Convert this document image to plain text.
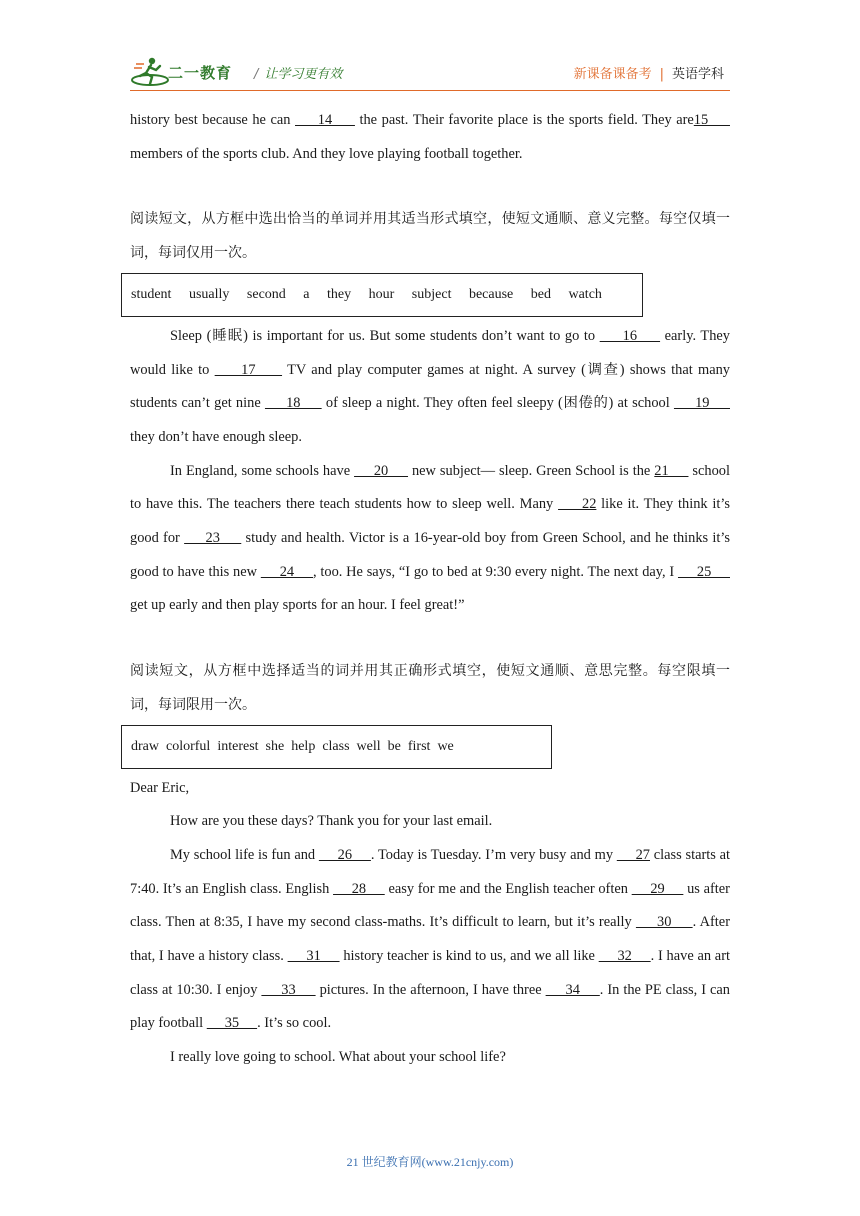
二一教育 / 让学习更有效	新课备课备考 | 英语学科

history best because he can      14      the past. Their favorite place is the sports field. They are15      members of the sports club. And they love playing football together.

阅读短文，从方框中选出恰当的单词并用其适当形式填空，使短文通顺、意义完整。每空仅填一词，每词仅用一次。

student usually second a they hour subject because bed watch

Sleep (睡眠) is important for us. But some students don’t want to go to      16      early. They would like to      17      TV and play computer games at night. A survey (调查) shows that many students can’t get nine      18      of sleep a night. They often feel sleepy (困倦的) at school      19      they don’t have enough sleep.

In England, some schools have      20      new subject— sleep. Green School is the 21      school to have this. The teachers there teach students how to sleep well. Many      22 like it. They think it’s good for      23      study and health. Victor is a 16-year-old boy from Green School, and he thinks it’s good to have this new      24     , too. He says, “I go to bed at 9:30 every night. The next day, I      25      get up early and then play sports for an hour. I feel great!”

阅读短文，从方框中选择适当的词并用其正确形式填空，使短文通顺、意思完整。每空限填一词，每词限用一次。

draw colorful interest she help class well be first we

Dear Eric,

How are you these days? Thank you for your last email.

My school life is fun and      26     . Today is Tuesday. I’m very busy and my      27 class starts at 7:40. It’s an English class. English      28      easy for me and the English teacher often      29      us after class. Then at 8:35, I have my second class-maths. It’s difficult to learn, but it’s really      30     . After that, I have a history class.      31      history teacher is kind to us, and we all like      32     . I have an art class at 10:30. I enjoy      33      pictures. In the afternoon, I have three      34     . In the PE class, I can play football      35     . It’s so cool.

I really love going to school. What about your school life?

21 世纪教育网(www.21cnjy.com)
